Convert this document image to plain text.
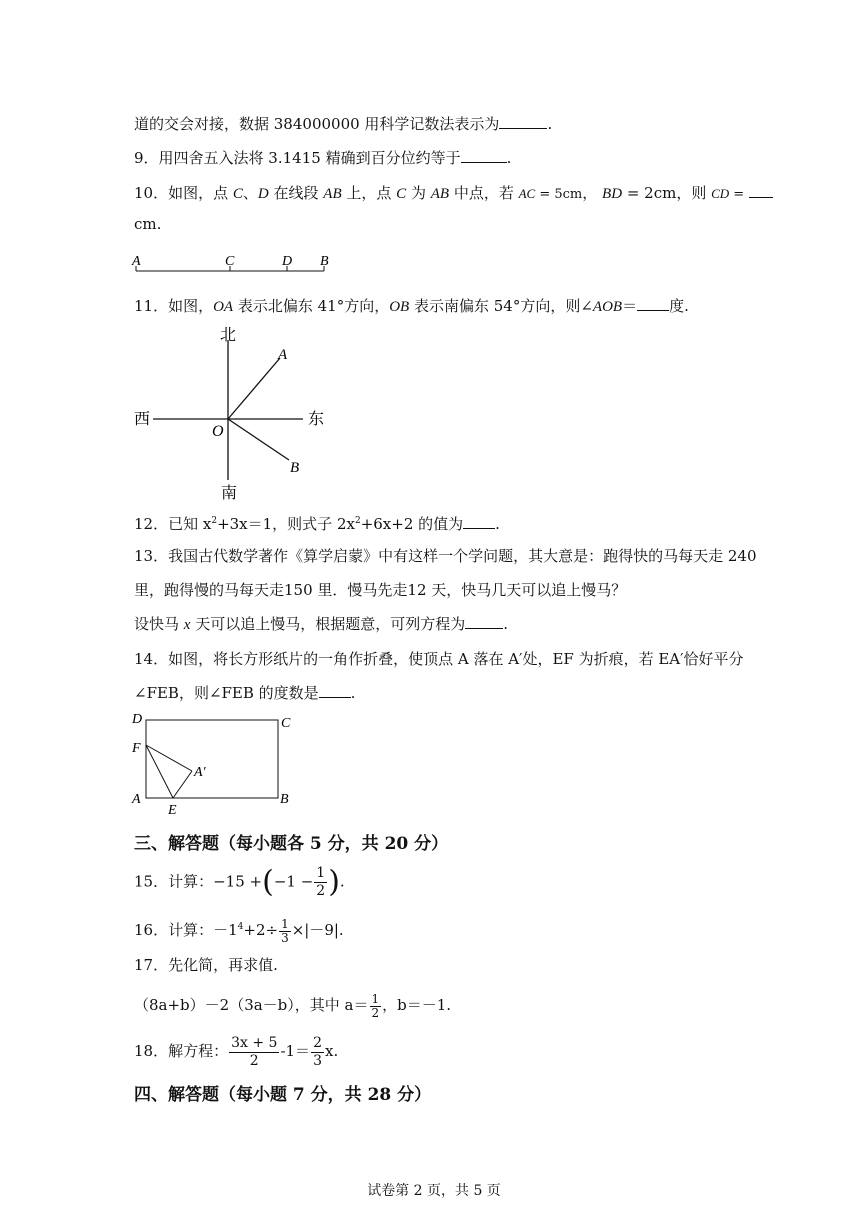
道的交会对接，数据 384000000 用科学记数法表示为	.
9．用四舍五入法将 3.1415 精确到百分位约等于	.
10．如图，点 C、D 在线段 AB 上，点 C 为 AB 中点，若 AC = 5cm， BD = 2cm，则 CD =
cm.
A	C	D B
11．如图，OA 表示北偏东 41°方向，OB 表示南偏东 54°方向，则∠AOB＝ 度.
北
南
西	东
A
B
O
12．已知 $x^2+3x=1$，则式子 $2x^2+6x+2$ 的值为 .
13．我国古代数学著作《算学启蒙》中有这样一个学问题，其大意是：跑得快的马每天走 240
里，跑得慢的马每天走150 里．慢马先走12 天，快马几天可以追上慢马？
设快马 x 天可以追上慢马，根据题意，可列方程为	.
14．如图，将长方形纸片的一角作折叠，使顶点 A 落在 A′处，EF 为折痕，若 EA′恰好平分
∠FEB，则∠FEB 的度数是 .
D	C
F
A′
A
E
B
三、解答题（每小题各 5 分，共 20 分）
15．计算：$-15 +(-1 - \frac{1}{2}$ ).
16．计算：$-1^4+2\div \frac{1}{3} \times|-9|$.
17．先化简，再求值.
（8a+b）－2（3a－b），其中 $a= \frac{1}{2}$ ，b＝－1.
18．解方程： $\frac{3x + 5}{2} -1= \frac{2}{3} x$.
四、解答题（每小题 7 分，共 28 分）
试卷第 2 页，共 5 页
